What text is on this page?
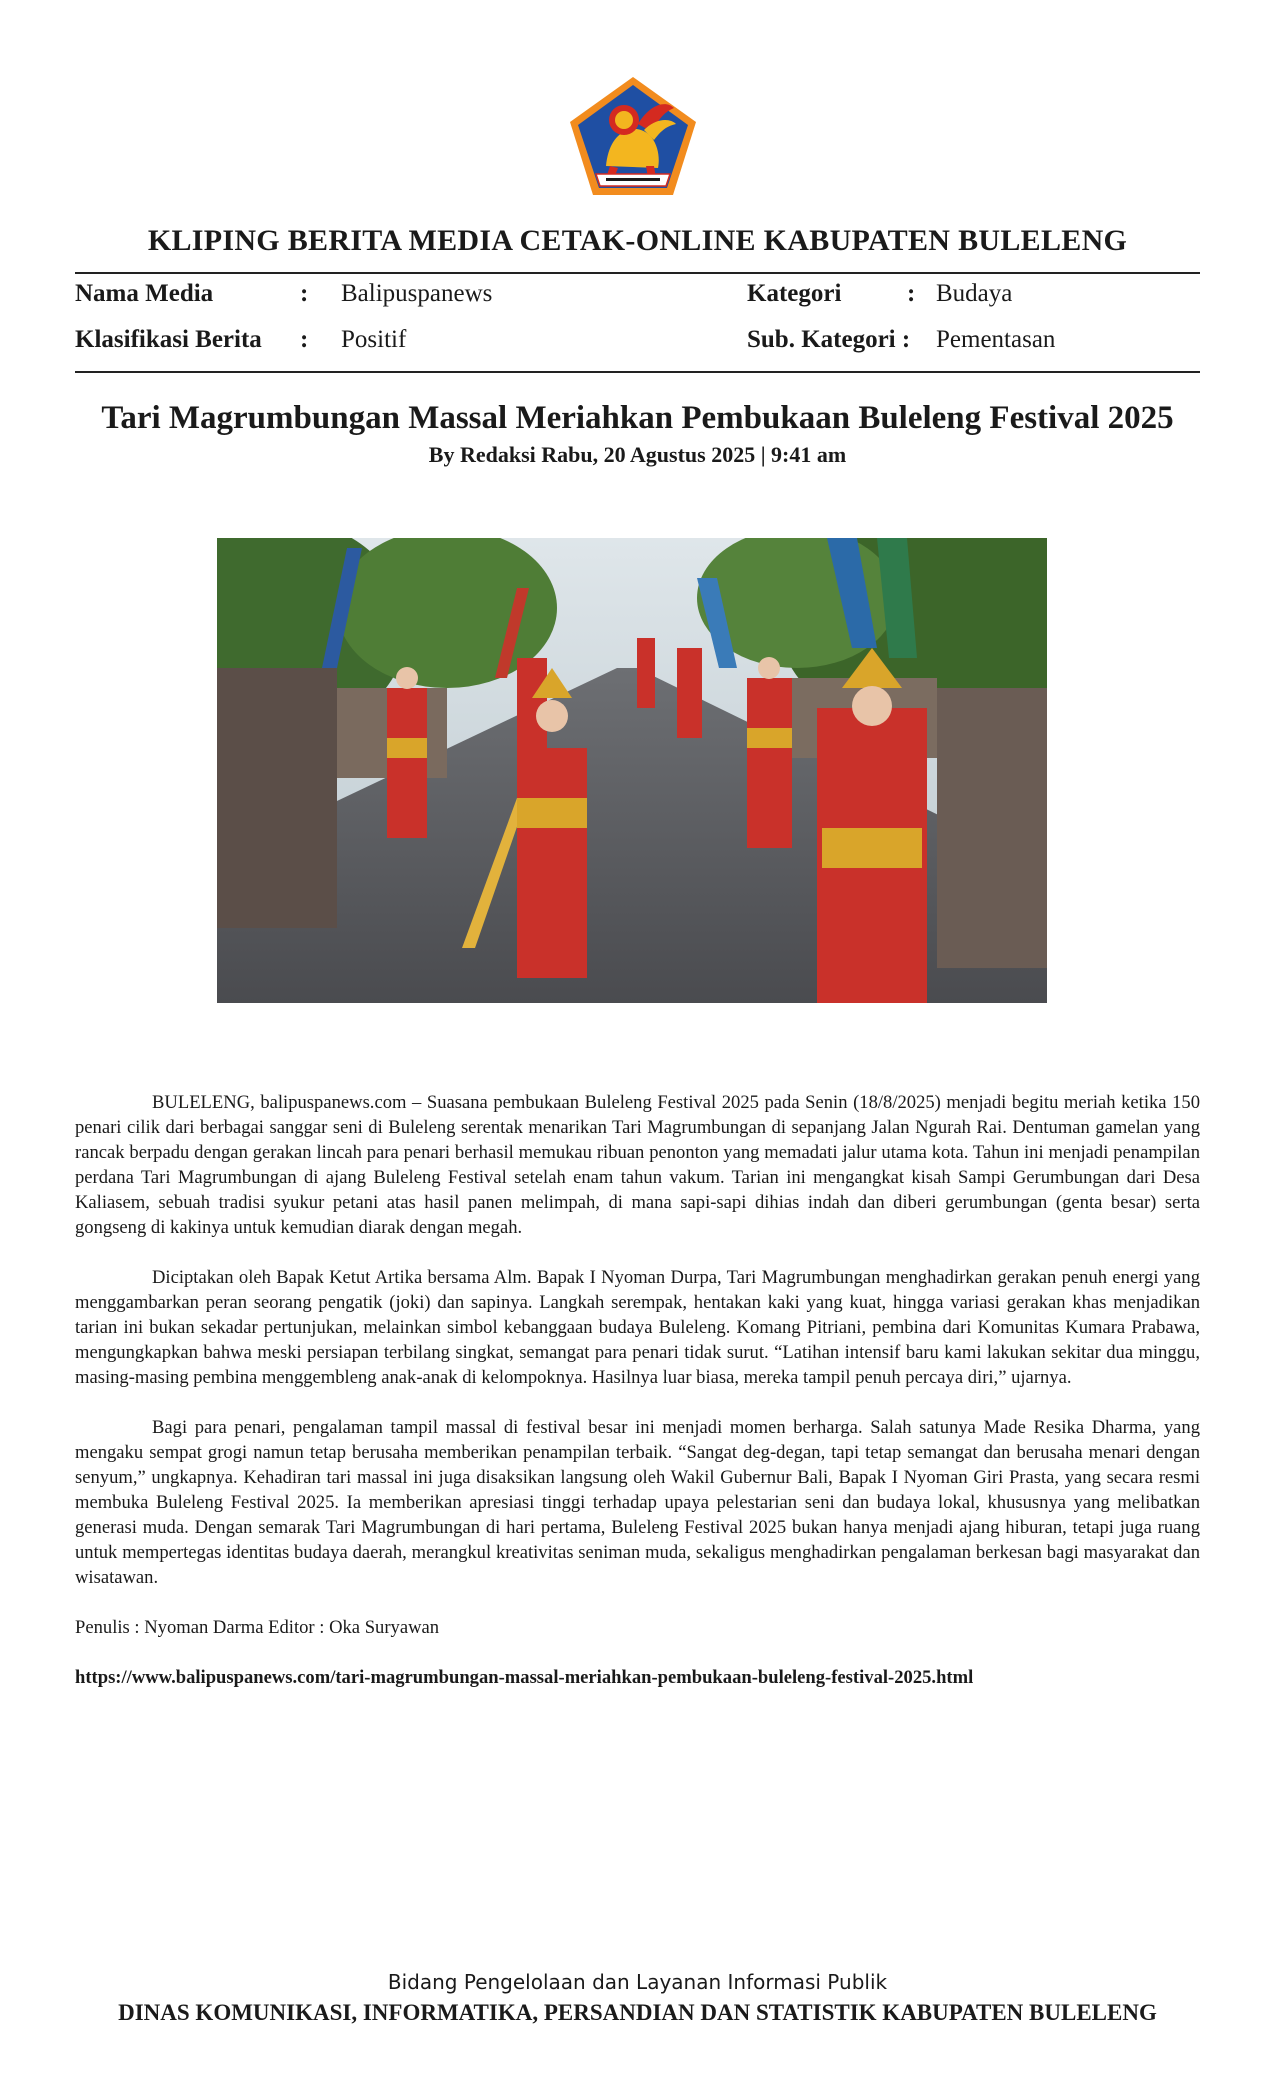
KLIPING BERITA MEDIA CETAK-ONLINE KABUPATEN BULELENG
Nama Media	: Balipuspanews	Kategori	: Budaya
Klasifikasi Berita : Positif	Sub. Kategori : Pementasan
Tari Magrumbungan Massal Meriahkan Pembukaan Buleleng Festival 2025
By Redaksi Rabu, 20 Agustus 2025 | 9:41 am

BULELENG, balipuspanews.com – Suasana pembukaan Buleleng Festival 2025 pada Senin (18/8/2025) menjadi begitu meriah ketika 150 penari cilik dari berbagai sanggar seni di Buleleng serentak menarikan Tari Magrumbungan di sepanjang Jalan Ngurah Rai. Dentuman gamelan yang rancak berpadu dengan gerakan lincah para penari berhasil memukau ribuan penonton yang memadati jalur utama kota. Tahun ini menjadi penampilan perdana Tari Magrumbungan di ajang Buleleng Festival setelah enam tahun vakum. Tarian ini mengangkat kisah Sampi Gerumbungan dari Desa Kaliasem, sebuah tradisi syukur petani atas hasil panen melimpah, di mana sapi-sapi dihias indah dan diberi gerumbungan (genta besar) serta gongseng di kakinya untuk kemudian diarak dengan megah.

Diciptakan oleh Bapak Ketut Artika bersama Alm. Bapak I Nyoman Durpa, Tari Magrumbungan menghadirkan gerakan penuh energi yang menggambarkan peran seorang pengatik (joki) dan sapinya. Langkah serempak, hentakan kaki yang kuat, hingga variasi gerakan khas menjadikan tarian ini bukan sekadar pertunjukan, melainkan simbol kebanggaan budaya Buleleng. Komang Pitriani, pembina dari Komunitas Kumara Prabawa, mengungkapkan bahwa meski persiapan terbilang singkat, semangat para penari tidak surut. “Latihan intensif baru kami lakukan sekitar dua minggu, masing-masing pembina menggembleng anak-anak di kelompoknya. Hasilnya luar biasa, mereka tampil penuh percaya diri,” ujarnya.

Bagi para penari, pengalaman tampil massal di festival besar ini menjadi momen berharga. Salah satunya Made Resika Dharma, yang mengaku sempat grogi namun tetap berusaha memberikan penampilan terbaik. “Sangat deg-degan, tapi tetap semangat dan berusaha menari dengan senyum,” ungkapnya. Kehadiran tari massal ini juga disaksikan langsung oleh Wakil Gubernur Bali, Bapak I Nyoman Giri Prasta, yang secara resmi membuka Buleleng Festival 2025. Ia memberikan apresiasi tinggi terhadap upaya pelestarian seni dan budaya lokal, khususnya yang melibatkan generasi muda. Dengan semarak Tari Magrumbungan di hari pertama, Buleleng Festival 2025 bukan hanya menjadi ajang hiburan, tetapi juga ruang untuk mempertegas identitas budaya daerah, merangkul kreativitas seniman muda, sekaligus menghadirkan pengalaman berkesan bagi masyarakat dan wisatawan.

Penulis : Nyoman Darma Editor : Oka Suryawan

https://www.balipuspanews.com/tari-magrumbungan-massal-meriahkan-pembukaan-buleleng-festival-2025.html

Bidang Pengelolaan dan Layanan Informasi Publik
DINAS KOMUNIKASI, INFORMATIKA, PERSANDIAN DAN STATISTIK KABUPATEN BULELENG
